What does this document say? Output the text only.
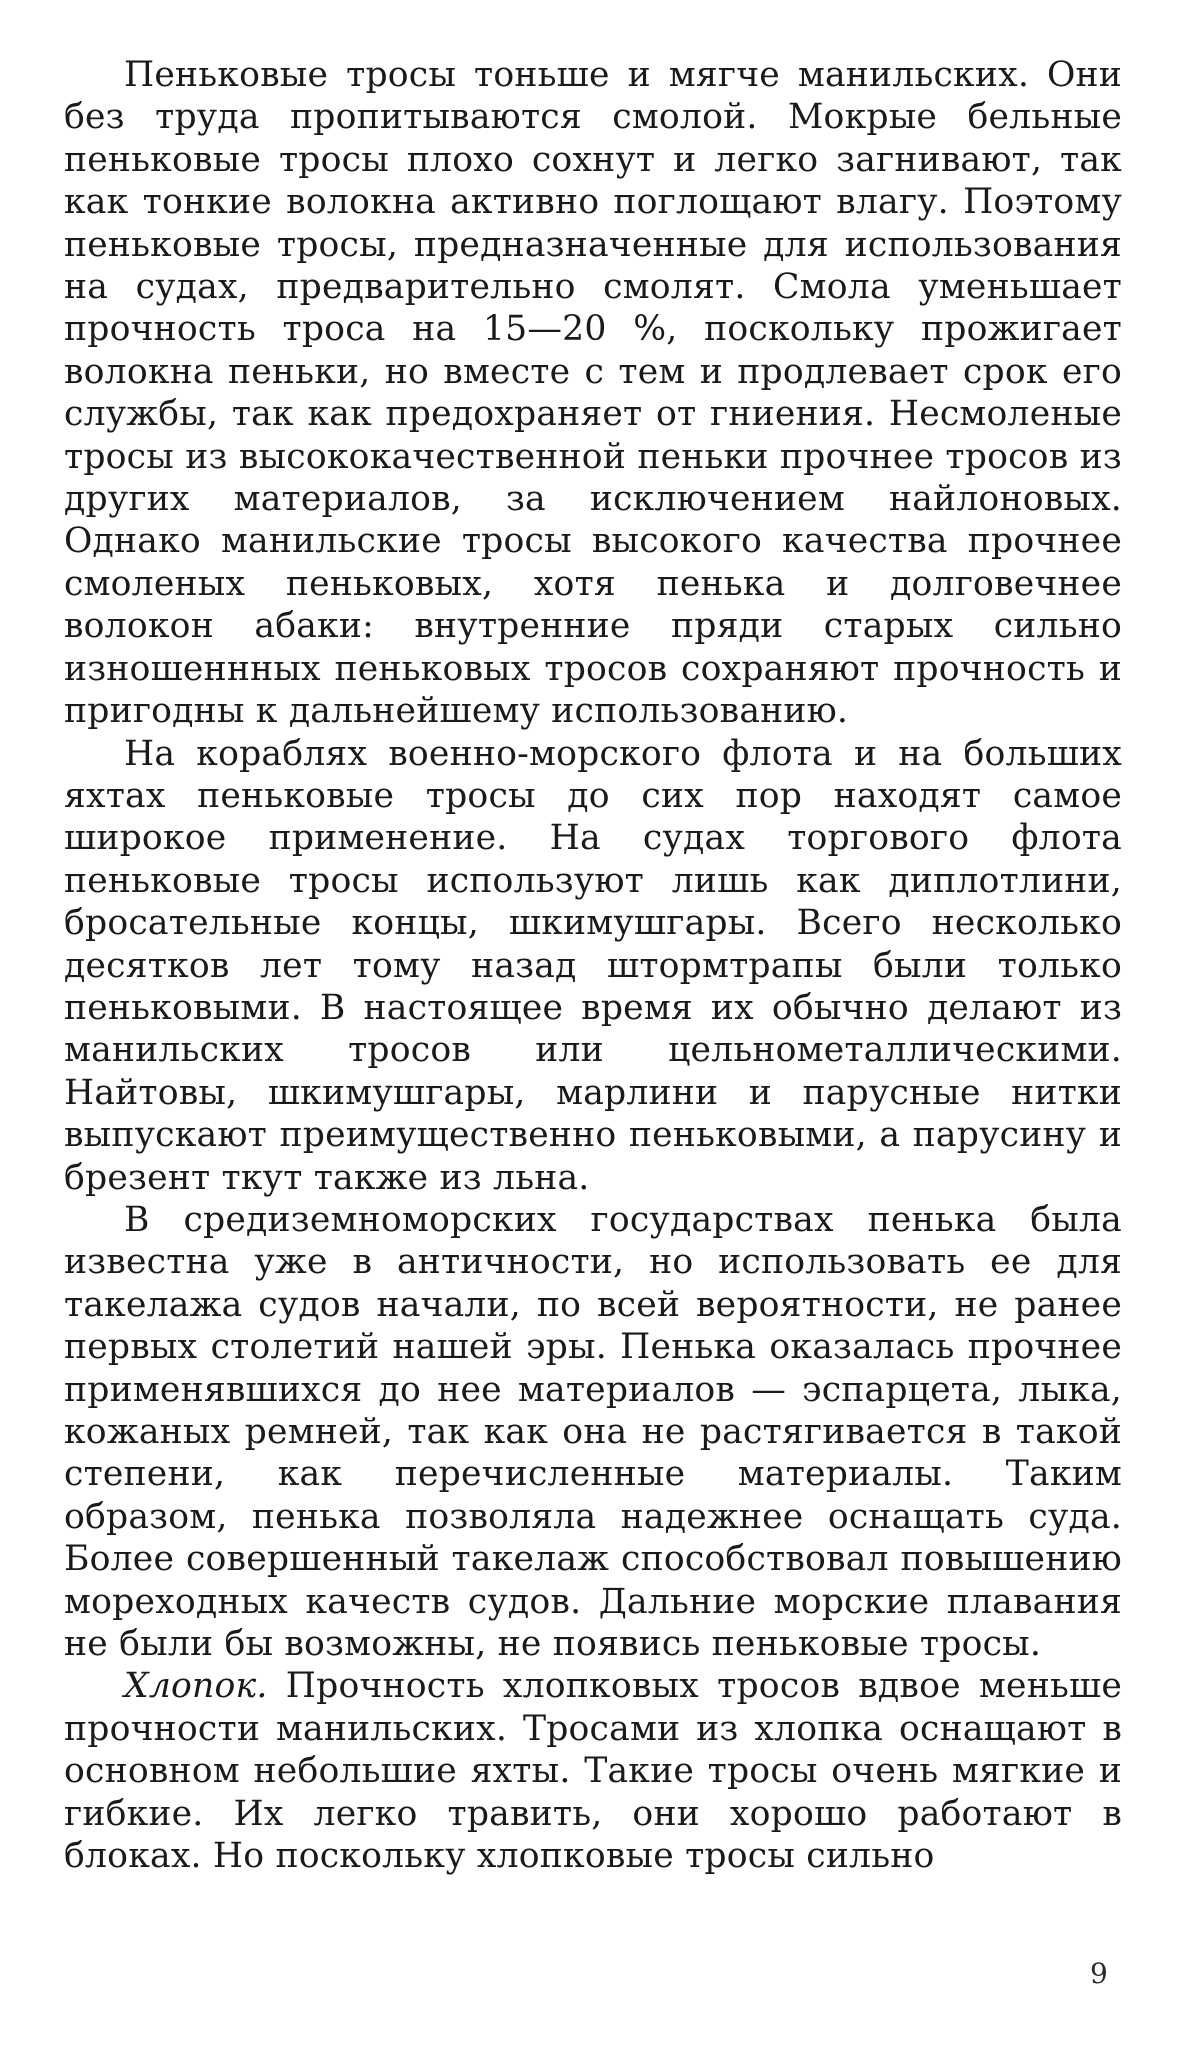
Пеньковые тросы тоньше и мягче манильских. Они без труда пропитываются смолой. Мокрые бельные пеньковые тросы плохо сохнут и легко загнивают, так как тонкие волокна активно поглощают влагу. Поэтому пеньковые тросы, предназначенные для использования на судах, предварительно смолят. Смола уменьшает прочность троса на 15—20 %, поскольку прожигает волокна пеньки, но вместе с тем и продлевает срок его службы, так как предохраняет от гниения. Несмоленые тросы из высококачественной пеньки прочнее тросов из других материалов, за исключением найлоновых. Однако манильские тросы высокого качества прочнее смоленых пеньковых, хотя пенька и долговечнее волокон абаки: внутренние пряди старых сильно изношеннных пеньковых тросов сохраняют прочность и пригодны к дальнейшему использованию.

На кораблях военно-морского флота и на больших яхтах пеньковые тросы до сих пор находят самое широкое применение. На судах торгового флота пеньковые тросы используют лишь как диплотлини, бросательные концы, шкимушгары. Всего несколько десятков лет тому назад штормтрапы были только пеньковыми. В настоящее время их обычно делают из манильских тросов или цельнометаллическими. Найтовы, шкимушгары, марлини и парусные нитки выпускают преимущественно пеньковыми, а парусину и брезент ткут также из льна.

В средиземноморских государствах пенька была известна уже в античности, но использовать ее для такелажа судов начали, по всей вероятности, не ранее первых столетий нашей эры. Пенька оказалась прочнее применявшихся до нее материалов — эспарцета, лыка, кожаных ремней, так как она не растягивается в такой степени, как перечисленные материалы. Таким образом, пенька позволяла надежнее оснащать суда. Более совершенный такелаж способствовал повышению мореходных качеств судов. Дальние морские плавания не были бы возможны, не появись пеньковые тросы.

Хлопок. Прочность хлопковых тросов вдвое меньше прочности манильских. Тросами из хлопка оснащают в основном небольшие яхты. Такие тросы очень мягкие и гибкие. Их легко травить, они хорошо работают в блоках. Но поскольку хлопковые тросы сильно

9
